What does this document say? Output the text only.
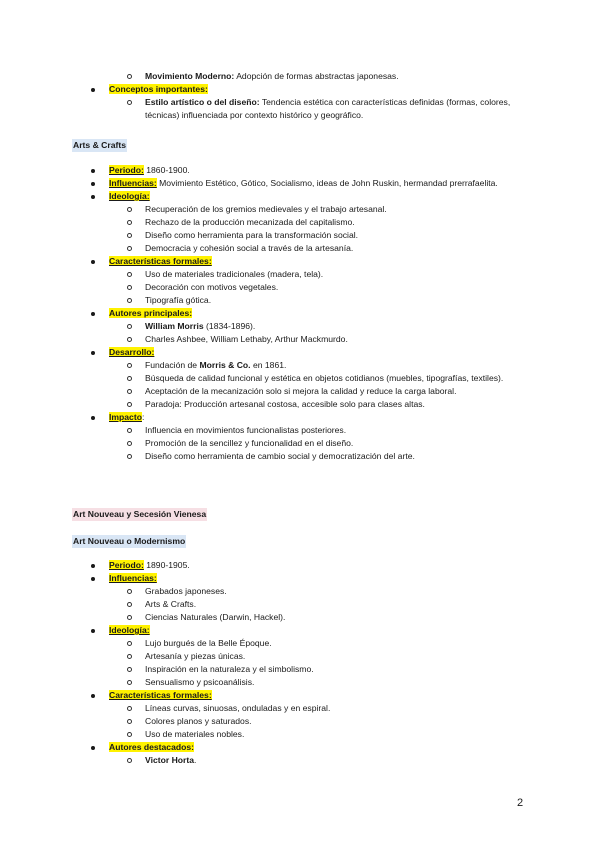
Movimiento Moderno: Adopción de formas abstractas japonesas.
Conceptos importantes:
Estilo artístico o del diseño: Tendencia estética con características definidas (formas, colores, técnicas) influenciada por contexto histórico y geográfico.
Arts & Crafts
Periodo: 1860-1900.
Influencias: Movimiento Estético, Gótico, Socialismo, ideas de John Ruskin, hermandad prerrafaelita.
Ideología:
Recuperación de los gremios medievales y el trabajo artesanal.
Rechazo de la producción mecanizada del capitalismo.
Diseño como herramienta para la transformación social.
Democracia y cohesión social a través de la artesanía.
Características formales:
Uso de materiales tradicionales (madera, tela).
Decoración con motivos vegetales.
Tipografía gótica.
Autores principales:
William Morris (1834-1896).
Charles Ashbee, William Lethaby, Arthur Mackmurdo.
Desarrollo:
Fundación de Morris & Co. en 1861.
Búsqueda de calidad funcional y estética en objetos cotidianos (muebles, tipografías, textiles).
Aceptación de la mecanización solo si mejora la calidad y reduce la carga laboral.
Paradoja: Producción artesanal costosa, accesible solo para clases altas.
Impacto:
Influencia en movimientos funcionalistas posteriores.
Promoción de la sencillez y funcionalidad en el diseño.
Diseño como herramienta de cambio social y democratización del arte.
Art Nouveau y Secesión Vienesa
Art Nouveau o Modernismo
Periodo: 1890-1905.
Influencias:
Grabados japoneses.
Arts & Crafts.
Ciencias Naturales (Darwin, Hackel).
Ideología:
Lujo burgués de la Belle Époque.
Artesanía y piezas únicas.
Inspiración en la naturaleza y el simbolismo.
Sensualismo y psicoanálisis.
Características formales:
Líneas curvas, sinuosas, onduladas y en espiral.
Colores planos y saturados.
Uso de materiales nobles.
Autores destacados:
Victor Horta.
2
